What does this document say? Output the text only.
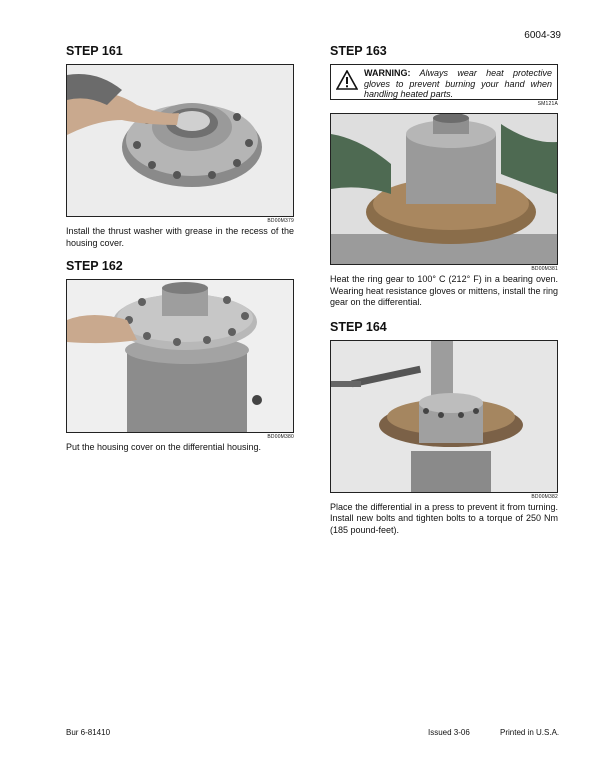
6004-39
STEP 161
BD00M379

Install the thrust washer with grease in the recess of the housing cover.

STEP 162
BD00M380

Put the housing cover on the differential housing.

STEP 163
WARNING: Always wear heat protective gloves to prevent burning your hand when handling heated parts.
SM121A
BD00M381

Heat the ring gear to 100° C (212° F) in a bearing oven. Wearing heat resistance gloves or mittens, install the ring gear on the differential.

STEP 164
BD00M382

Place the differential in a press to prevent it from turning. Install new bolts and tighten bolts to a torque of 250 Nm (185 pound-feet).

Bur 6-81410	Issued 3-06	Printed in U.S.A.
